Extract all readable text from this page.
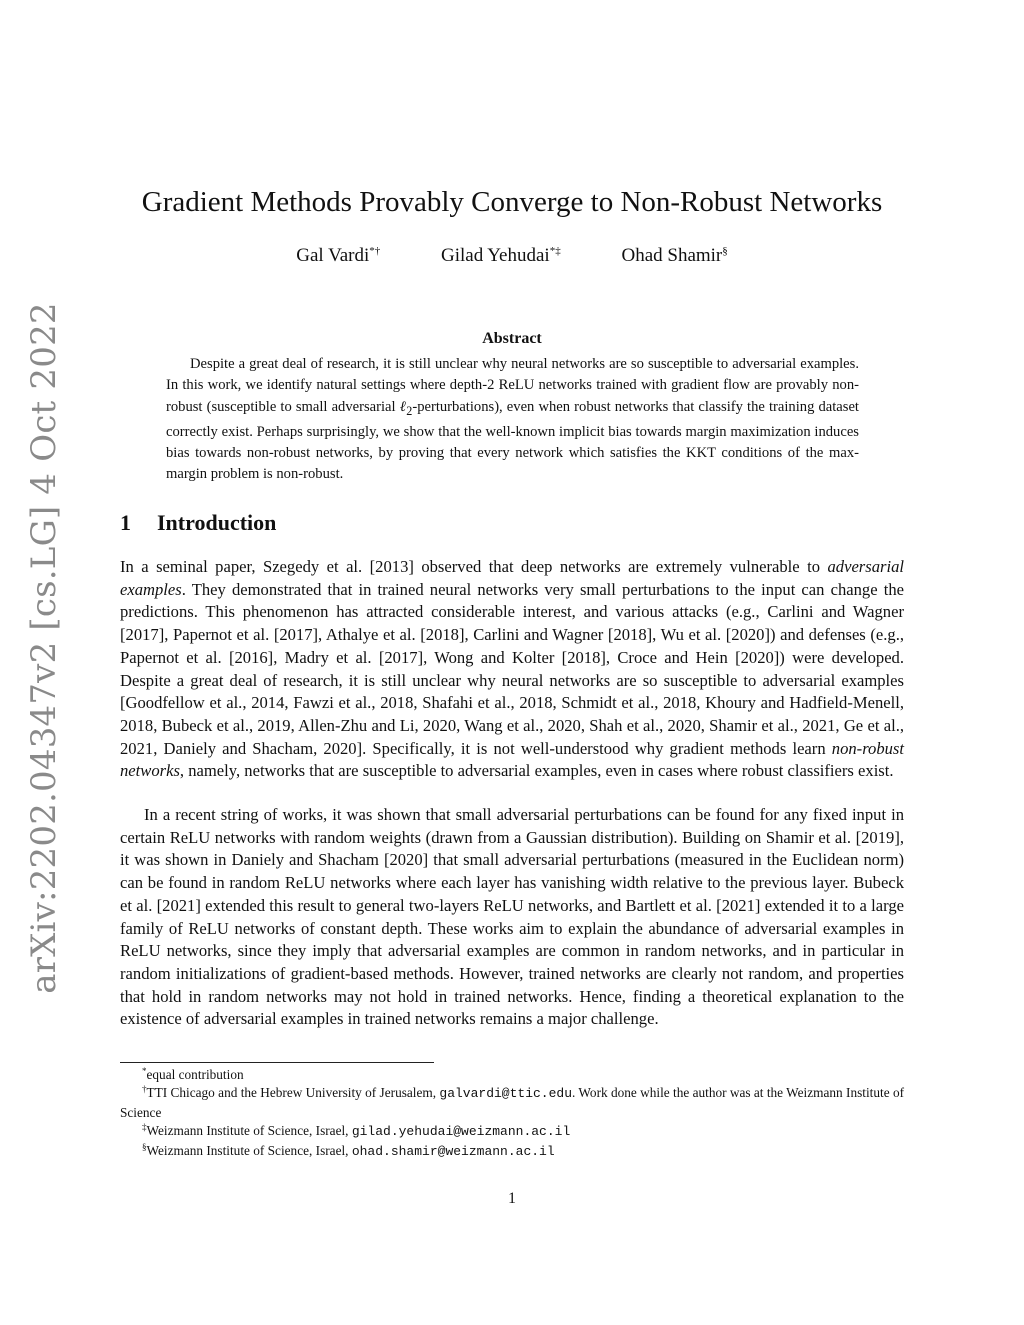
arXiv:2202.04347v2 [cs.LG] 4 Oct 2022
Gradient Methods Provably Converge to Non-Robust Networks
Gal Vardi*†	Gilad Yehudai*‡	Ohad Shamir§
Abstract

Despite a great deal of research, it is still unclear why neural networks are so susceptible to adversarial examples. In this work, we identify natural settings where depth-2 ReLU networks trained with gradient flow are provably non-robust (susceptible to small adversarial ℓ$_2$-perturbations), even when robust networks that classify the training dataset correctly exist. Perhaps surprisingly, we show that the well-known implicit bias towards margin maximization induces bias towards non-robust networks, by proving that every network which satisfies the KKT conditions of the max-margin problem is non-robust.

1 Introduction

In a seminal paper, Szegedy et al. [2013] observed that deep networks are extremely vulnerable to adversarial examples. They demonstrated that in trained neural networks very small perturbations to the input can change the predictions. This phenomenon has attracted considerable interest, and various attacks (e.g., Carlini and Wagner [2017], Papernot et al. [2017], Athalye et al. [2018], Carlini and Wagner [2018], Wu et al. [2020]) and defenses (e.g., Papernot et al. [2016], Madry et al. [2017], Wong and Kolter [2018], Croce and Hein [2020]) were developed. Despite a great deal of research, it is still unclear why neural networks are so susceptible to adversarial examples [Goodfellow et al., 2014, Fawzi et al., 2018, Shafahi et al., 2018, Schmidt et al., 2018, Khoury and Hadfield-Menell, 2018, Bubeck et al., 2019, Allen-Zhu and Li, 2020, Wang et al., 2020, Shah et al., 2020, Shamir et al., 2021, Ge et al., 2021, Daniely and Shacham, 2020]. Specifically, it is not well-understood why gradient methods learn non-robust networks, namely, networks that are susceptible to adversarial examples, even in cases where robust classifiers exist.

In a recent string of works, it was shown that small adversarial perturbations can be found for any fixed input in certain ReLU networks with random weights (drawn from a Gaussian distribution). Building on Shamir et al. [2019], it was shown in Daniely and Shacham [2020] that small adversarial perturbations (measured in the Euclidean norm) can be found in random ReLU networks where each layer has vanishing width relative to the previous layer. Bubeck et al. [2021] extended this result to general two-layers ReLU networks, and Bartlett et al. [2021] extended it to a large family of ReLU networks of constant depth. These works aim to explain the abundance of adversarial examples in ReLU networks, since they imply that adversarial examples are common in random networks, and in particular in random initializations of gradient-based methods. However, trained networks are clearly not random, and properties that hold in random networks may not hold in trained networks. Hence, finding a theoretical explanation to the existence of adversarial examples in trained networks remains a major challenge.

*equal contribution

†TTI Chicago and the Hebrew University of Jerusalem, galvardi@ttic.edu. Work done while the author was at the Weizmann Institute of Science

‡Weizmann Institute of Science, Israel, gilad.yehudai@weizmann.ac.il

§Weizmann Institute of Science, Israel, ohad.shamir@weizmann.ac.il

1
